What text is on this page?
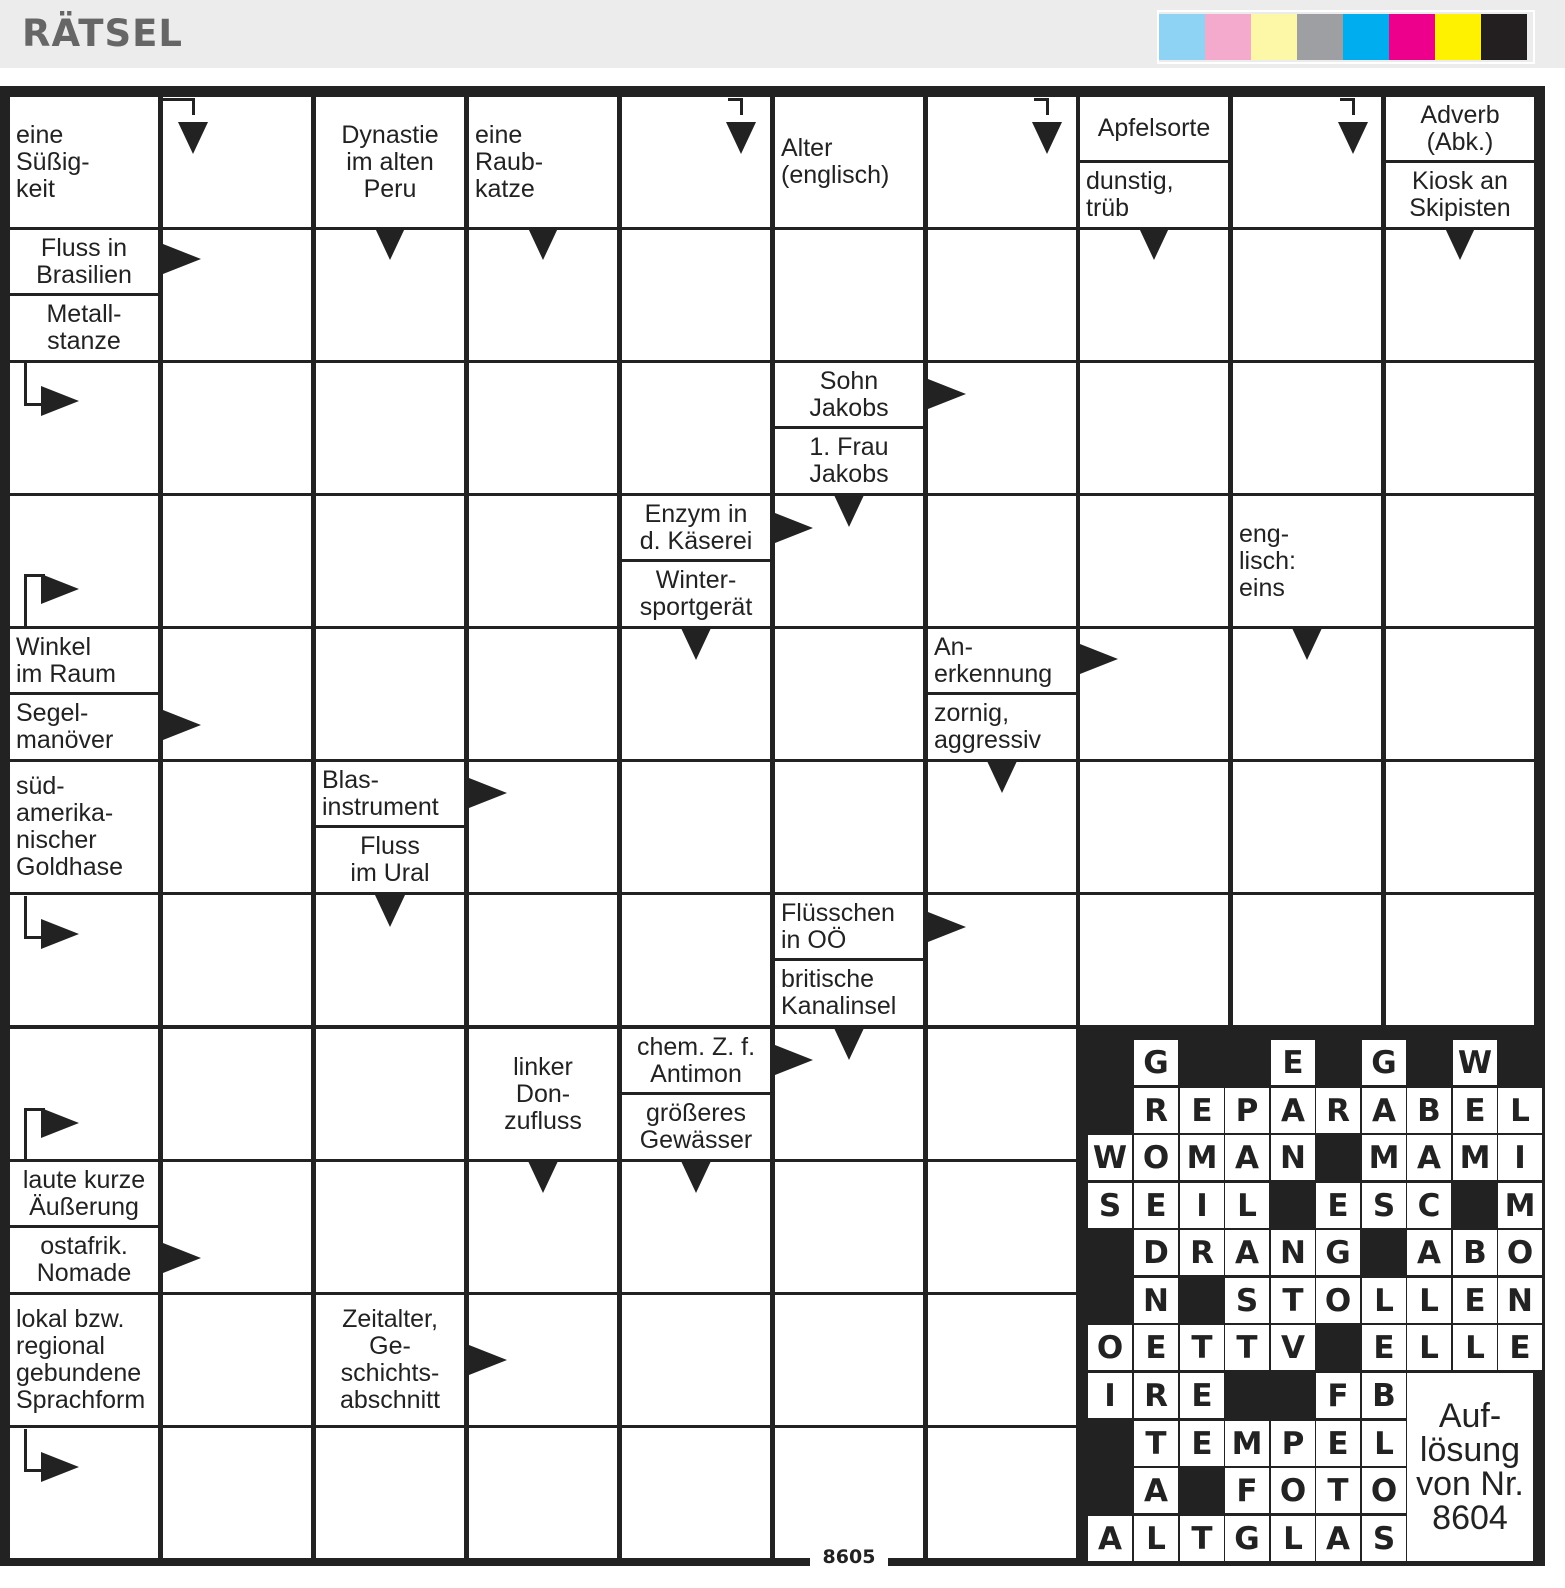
RÄTSEL
G	E	G W
R E P A R A B E L
W O M A N M A M I
S E I L	E S C	M
D R A N G	A B O
N	S T O L L E N
O E T T V	E L L E
I R E	F B
T E M P E L
A	F O T O
A L T G L A S
Auf-
lösung
von Nr.
8604
eine
Süßig-
keit
Dynastie
im alten
Peru
eine
Raub-
katze
Alter
(englisch)
Apfelsorte
dunstig,
trüb
Adverb
(Abk.)
Kiosk an
Skipisten
Fluss in
Brasilien
Metall-
stanze
Sohn
Jakobs
1. Frau
Jakobs
Enzym in
d. Käserei
Winter-
sportgerät
eng-
lisch:
eins
Winkel
im Raum
Segel-
manöver
An-
erkennung
zornig,
aggressiv
süd-
amerika-
nischer
Goldhase
Blas-
instrument
Fluss
im Ural
Flüsschen
in OÖ
britische
Kanalinsel
linker
Don-
zufluss
chem. Z. f.
Antimon
größeres
Gewässer
laute kurze
Äußerung
ostafrik.
Nomade
lokal bzw.
regional
gebundene
Sprachform
Zeitalter,
Ge-
schichts-
abschnitt
8605
